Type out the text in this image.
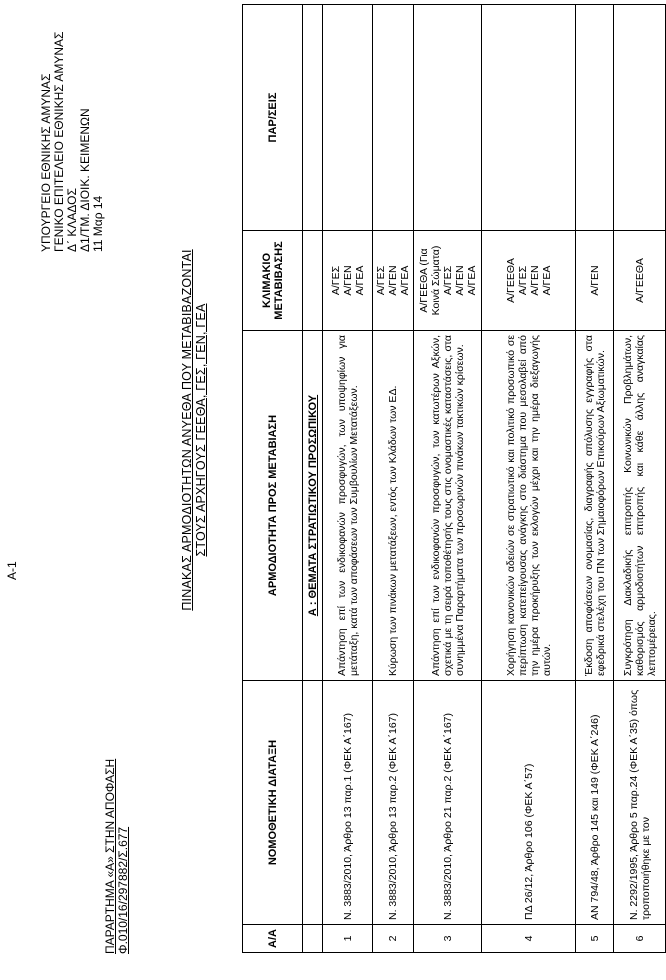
A-1
ΥΠΟΥΡΓΕΙΟ ΕΘΝΙΚΗΣ ΑΜΥΝΑΣ ΓΕΝΙΚΟ ΕΠΙΤΕΛΕΙΟ ΕΘΝΙΚΗΣ ΑΜΥΝΑΣ Δ΄ ΚΛΑΔΟΣ Δ1/ΤΜ. ΔΙΟΙΚ. ΚΕΙΜΕΝΩΝ 11 Μαρ 14
ΠΑΡΑΡΤΗΜΑ «Α» ΣΤΗΝ ΑΠΟΦΑΣΗ Φ.010/16/297882/Σ.677
ΠΙΝΑΚΑΣ ΑΡΜΟΔΙΟΤΗΤΩΝ ΑΝΥΕΘΑ ΠΟΥ ΜΕΤΑΒΙΒΑΖΟΝΤΑΙ ΣΤΟΥΣ ΑΡΧΗΓΟΥΣ ΓΕΕΘΑ, ΓΕΣ, ΓΕΝ, ΓΕΑ
Α/Α	ΝΟΜΟΘΕΤΙΚΗ ΔΙΑΤΑΞΗ	ΑΡΜΟΔΙΟΤΗΤΑ ΠΡΟΣ ΜΕΤΑΒΙΑΣΗ	ΚΛΙΜΑΚΙΟ ΜΕΤΑΒΙΒΑΣΗΣ	ΠΑΡ/ΣΕΙΣ
		Α : ΘΕΜΑΤΑ ΣΤΡΑΤΙΩΤΙΚΟΥ ΠΡΟΣΩΠΙΚΟΥ		
1	Ν. 3883/2010, Άρθρο 13 παρ.1 (ΦΕΚ Α΄167)	Απάντηση επί των ενδικοφανών προσφυγών, των υποψηφίων για μετάταξη, κατά των αποφάσεων των Συμβουλίων Μετατάξεων.	Α/ΓΕΣ Α/ΓΕΝ Α/ΓΕΑ	

2	Ν. 3883/2010, Άρθρο 13 παρ.2 (ΦΕΚ Α΄167)	Κύρωση των πινάκων μετατάξεων, εντός των Κλάδων των ΕΔ.	Α/ΓΕΣ Α/ΓΕΝ Α/ΓΕΑ	

3	Ν. 3883/2010, Άρθρο 21 παρ.2 (ΦΕΚ Α΄167)	Απάντηση επί των ενδικοφανών προσφυγών, των κατωτέρων Αξκών, σχετικά με τη σειρά τοποθέτησής τους στις ονομαστικές καταστάσεις, στα συνημμένα Παραρτήματα των προσωρινών πινάκων τακτικών κρίσεων.	Α/ΓΕΕΘΑ (Για Κοινά Σώματα) Α/ΓΕΣ Α/ΓΕΝ Α/ΓΕΑ	

4	ΠΔ 26/12, Άρθρο 106 (ΦΕΚ Α΄57)	Χορήγηση κανονικών αδειών σε στρατιωτικό και πολιτικό προσωπικό σε περίπτωση κατεπείγουσας ανάγκης στο διάστημα που μεσολαβεί από την ημέρα προκήρυξης των εκλογών μέχρι και την ημέρα διεξαγωγής αυτών.	Α/ΓΕΕΘΑ Α/ΓΕΣ Α/ΓΕΝ Α/ΓΕΑ	

5	ΑΝ 794/48, Άρθρο 145 και 149 (ΦΕΚ Α΄246)	Έκδοση αποφάσεων ονομασίας, διαγραφής απόλυσης εγγραφής στα εφεδρικά στελέχη του ΠΝ των Σημαιοφόρων Επικούρων Αξιωματικών.	Α/ΓΕΝ	

6	Ν. 2292/1995, Άρθρο 5 παρ.24 (ΦΕΚ Α΄35) όπως τροποποιήθηκε με τον	Συγκρότηση Διακλαδικής επιτροπής Κοινωνικών Προβλημάτων, καθορισμός αρμοδιοτήτων επιτροπής και κάθε άλλης αναγκαίας λεπτομέρειας.	Α/ΓΕΕΘΑ	
